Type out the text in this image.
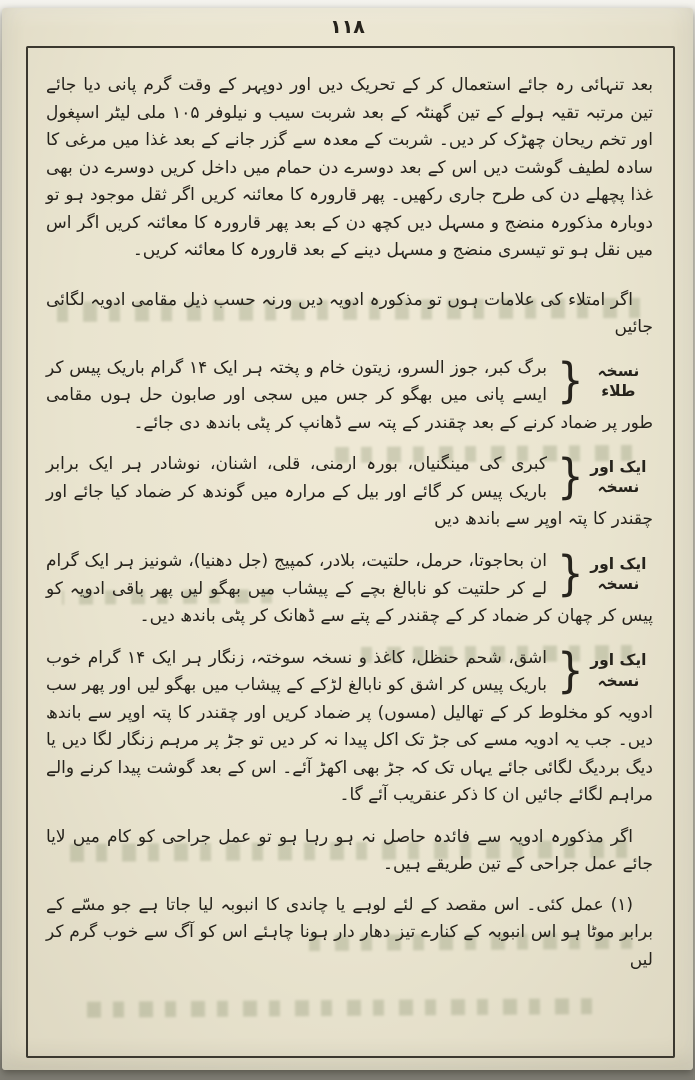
۱۱۸

بعد تنہائی رہ جائے استعمال کر کے تحریک دیں اور دوپہر کے وقت گرم پانی دیا جائے تین مرتبہ تقیہ ہولے کے تین گھنٹہ کے بعد شربت سیب و نیلوفر ۱۰۵ ملی لیٹر اسپغول اور تخم ریحان چھڑک کر دیں۔ شربت کے معدہ سے گزر جانے کے بعد غذا میں مرغی کا سادہ لطیف گوشت دیں اس کے بعد دوسرے دن حمام میں داخل کریں دوسرے دن بھی غذا پچھلے دن کی طرح جاری رکھیں۔ پھر قارورہ کا معائنہ کریں اگر ثقل موجود ہو تو دوبارہ مذکورہ منضج و مسہل دیں کچھ دن کے بعد پھر قارورہ کا معائنہ کریں اگر اس میں نقل ہو تو تیسری منضج و مسہل دینے کے بعد قارورہ کا معائنہ کریں۔

اگر امتلاء کی علامات ہوں تو مذکورہ ادویہ دیں ورنہ حسب ذیل مقامی ادویہ لگائی جائیں

نسخہ طلاء
{
برگ کبر، جوز السرو، زیتون خام و پختہ ہر ایک ۱۴ گرام باریک پیس کر ایسے پانی میں بھگو کر جس میں سجی اور صابون حل ہوں مقامی طور پر ضماد کرنے کے بعد چقندر کے پتہ سے ڈھانپ کر پٹی باندھ دی جائے۔
ایک اور نسخہ
{
کبری کی مینگنیاں، بورہ ارمنی، قلی، اشنان، نوشادر ہر ایک برابر باریک پیس کر گائے اور بیل کے مرارہ میں گوندھ کر ضماد کیا جائے اور چقندر کا پتہ اوپر سے باندھ دیں
ایک اور نسخہ
{
ان بحاجوتا، حرمل، حلتیت، بلادر، کمپیج (جل دھنیا)، شونیز ہر ایک گرام لے کر حلتیت کو نابالغ بچے کے پیشاب میں بھگو لیں پھر باقی ادویہ کو پیس کر چھان کر ضماد کر کے چقندر کے پتے سے ڈھانک کر پٹی باندھ دیں۔
ایک اور نسخہ
{
اشق، شحم حنظل، کاغذ و نسخہ سوختہ، زنگار ہر ایک ۱۴ گرام خوب باریک پیس کر اشق کو نابالغ لڑکے کے پیشاب میں بھگو لیں اور پھر سب ادویہ کو مخلوط کر کے تھالیل (مسوں) پر ضماد کریں اور چقندر کا پتہ اوپر سے باندھ دیں۔ جب یہ ادویہ مسے کی جڑ تک اکل پیدا نہ کر دیں تو جڑ پر مرہم زنگار لگا دیں یا دیگ بردیگ لگائی جائے یہاں تک کہ جڑ بھی اکھڑ آئے۔ اس کے بعد گوشت پیدا کرنے والے مراہم لگائے جائیں ان کا ذکر عنقریب آئے گا۔

اگر مذکورہ ادویہ سے فائدہ حاصل نہ ہو رہا ہو تو عمل جراحی کو کام میں لایا جائے عمل جراحی کے تین طریقے ہیں۔

(۱) عمل کئی۔ اس مقصد کے لئے لوہے یا چاندی کا انبوبہ لیا جاتا ہے جو مسّے کے برابر موٹا ہو اس انبوبہ کے کنارے تیز دھار دار ہونا چاہئے اس کو آگ سے خوب گرم کر لیں
